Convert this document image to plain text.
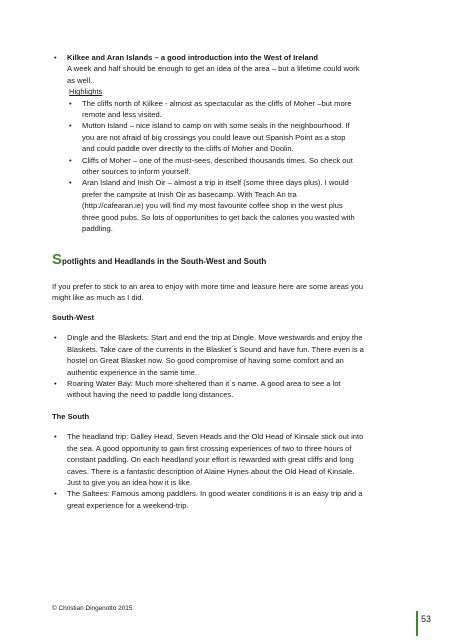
• Kilkee and Aran Islands – a good introduction into the West of Ireland
A week and half should be enough to get an idea of the area – but a lifetime could work
as well.
Highlights
• The cliffs north of Kilkee - almost as spectacular as the cliffs of Moher –but more
remote and less visited.
• Mutton Island – nice island to camp on with some seals in the neighbourhood. If
you are not afraid of big crossings you could leave out Spanish Point as a stop
and could paddle over directly to the cliffs of Moher and Doolin.
• Cliffs of Moher – one of the must-sees, described thousands times. So check out
other sources to inform yourself.
• Aran Island and Inish Oir – almost a trip in itself (some three days plus). I would
prefer the campsite at Inish Oir as basecamp. With Teach An tra
(http://cafearan.ie) you will find my most favourite coffee shop in the west plus
three good pubs. So lots of opportunities to get back the calories you wasted with
paddling.
Spotlights and Headlands in the South-West and South
If you prefer to stick to an area to enjoy with more time and leasure here are some areas you
might like as much as I did.
South-West
• Dingle and the Blaskets: Start and end the trip at Dingle. Move westwards and enjoy the
Blaskets. Take care of the currents in the Blasket´s Sound and have fun. There even is a
hostel on Great Blasket now. So good compromise of having some comfort and an
authentic experience in the same time.
• Roaring Water Bay: Much more sheltered than it´s name. A good area to see a lot
without having the need to paddle long distances.
The South
• The headland trip: Galley Head, Seven Heads and the Old Head of Kinsale stick out into
the sea. A good opportunity to gain first crossing experiences of two to three hours of
constant paddling. On each headland your effort is rewarded with great cliffs and long
caves. There is a fantastic description of Alaine Hynes about the Old Head of Kinsale.
Just to give you an idea how it is like.
• The Saltees: Famous among paddlers. In good weater conditions it is an easy trip and a
great experience for a weekend-trip.
© Christian Dingenotto 2015
53
